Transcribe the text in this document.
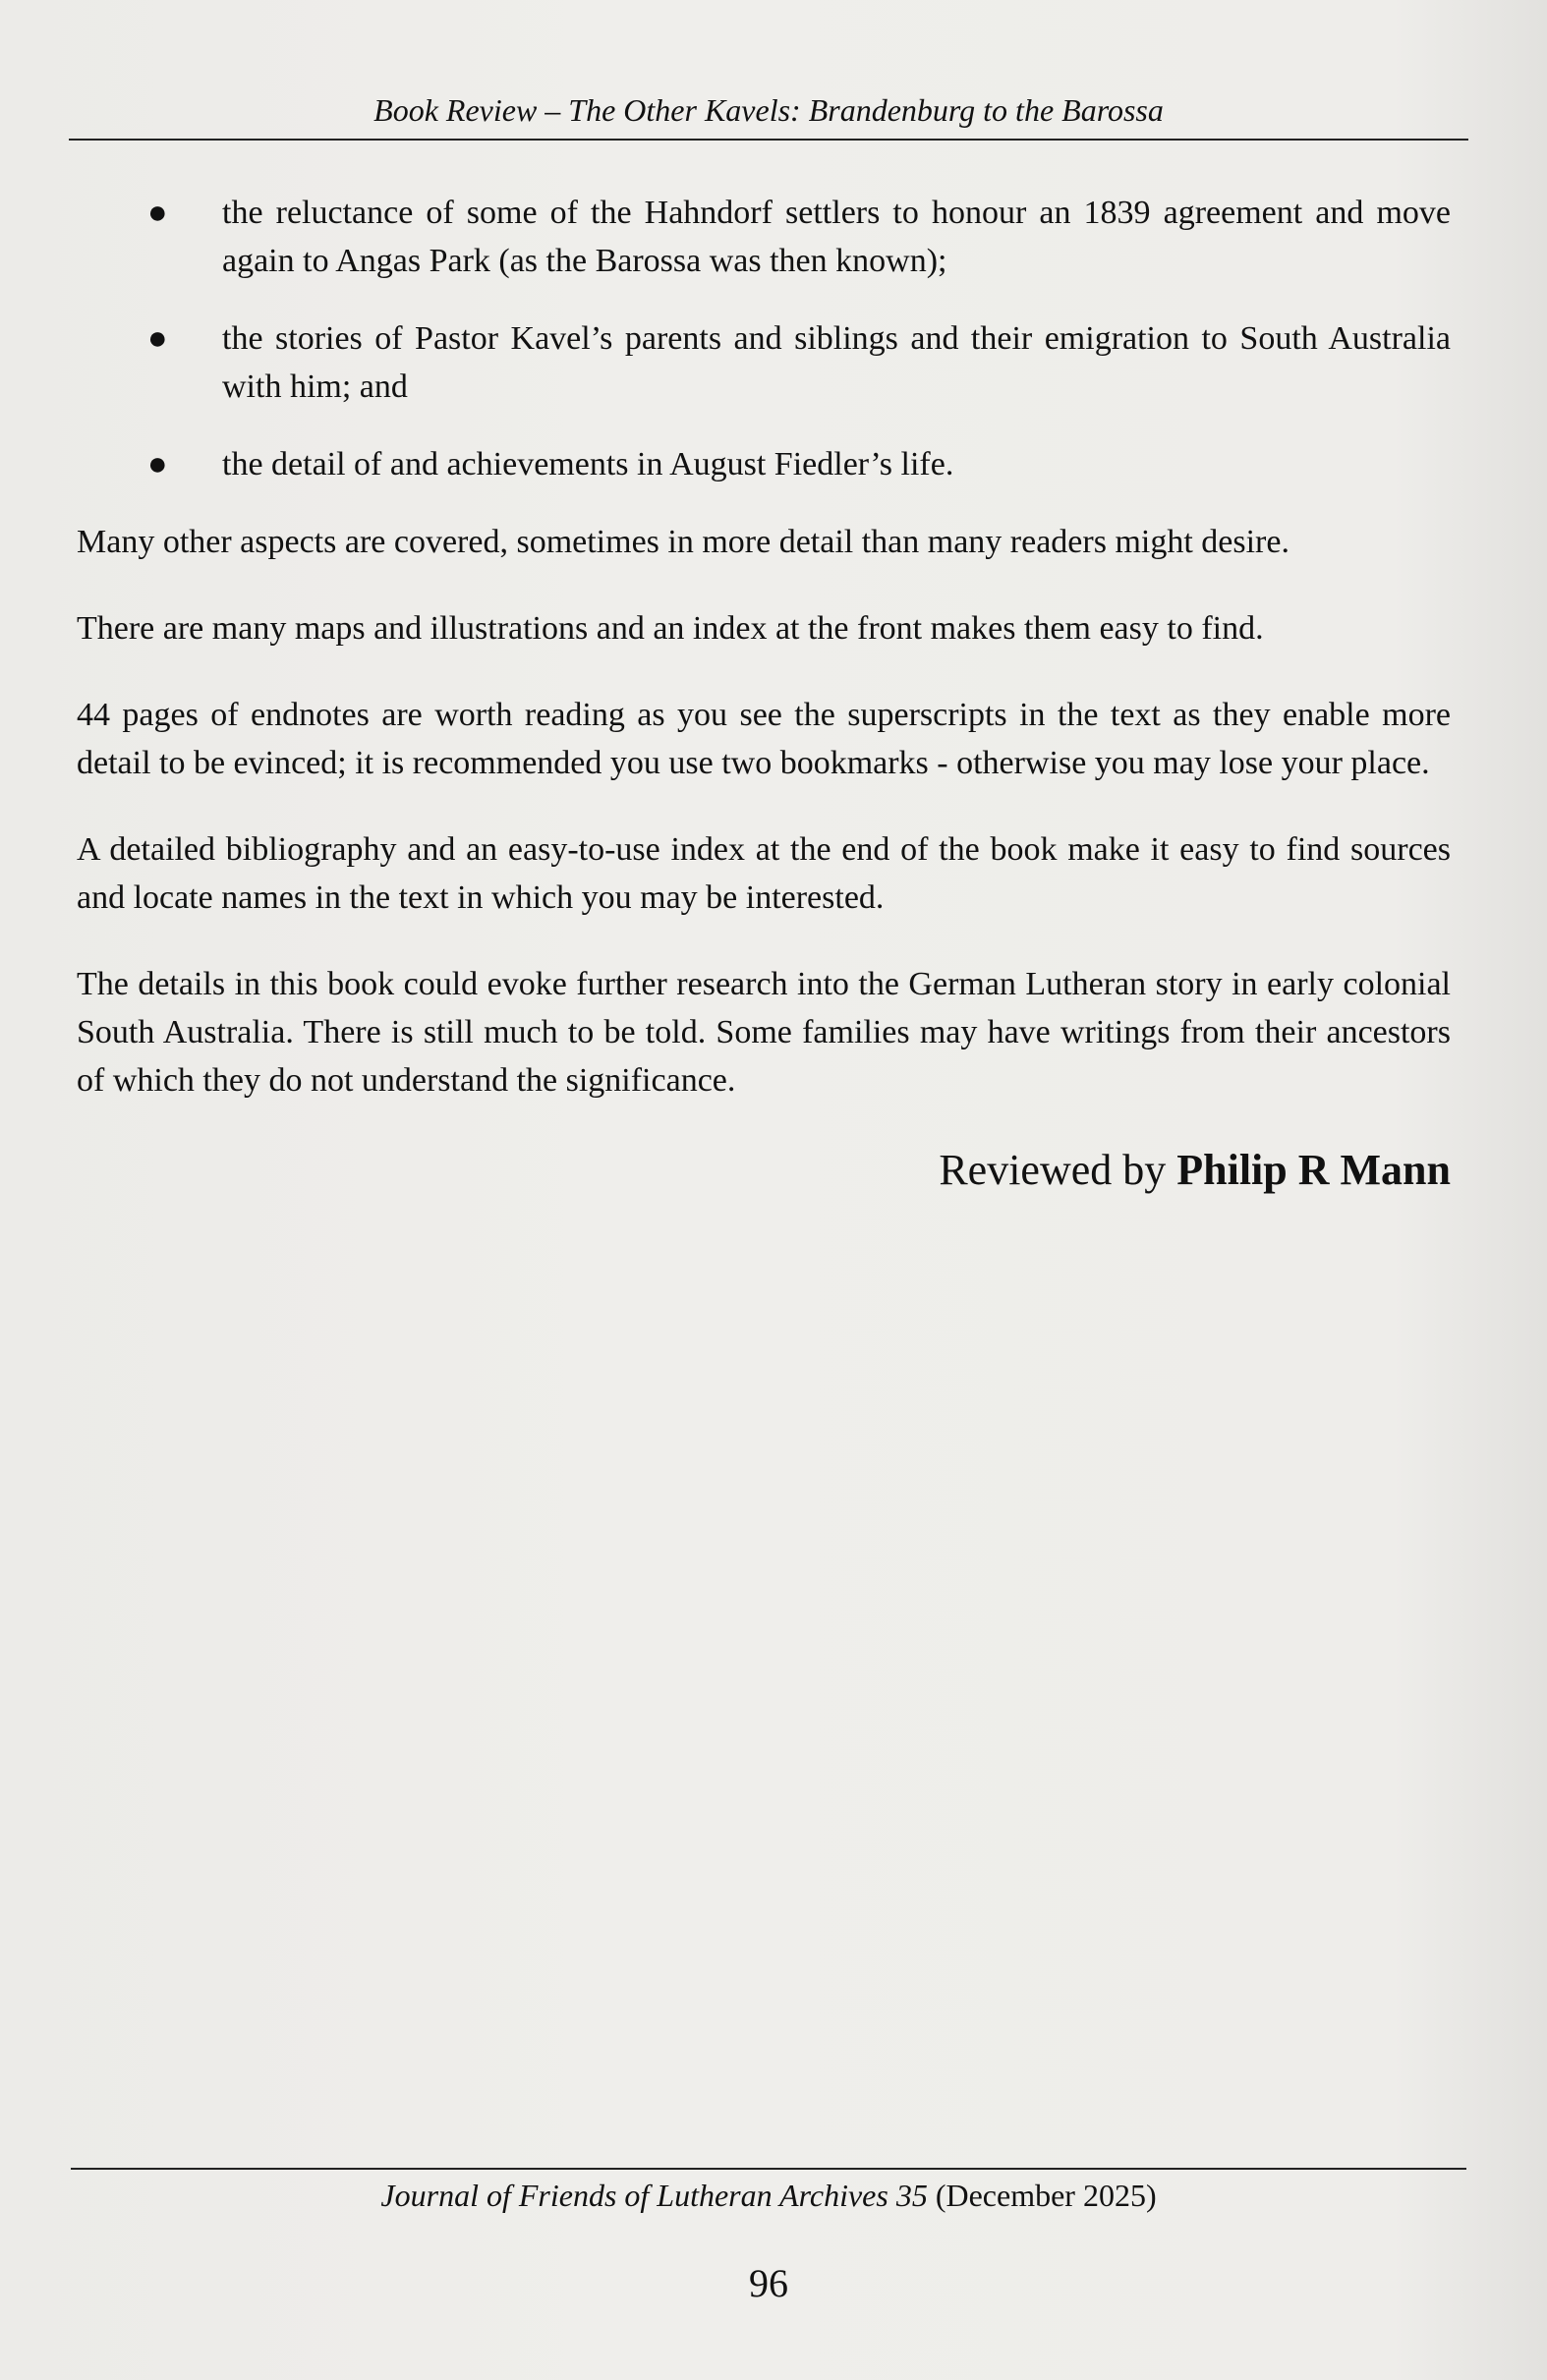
Book Review – The Other Kavels: Brandenburg to the Barossa
● the reluctance of some of the Hahndorf settlers to honour an 1839 agreement and move again to Angas Park (as the Barossa was then known);
● the stories of Pastor Kavel’s parents and siblings and their emigration to South Australia with him; and
● the detail of and achievements in August Fiedler’s life.

Many other aspects are covered, sometimes in more detail than many readers might desire.

There are many maps and illustrations and an index at the front makes them easy to find.

44 pages of endnotes are worth reading as you see the superscripts in the text as they enable more detail to be evinced; it is recommended you use two bookmarks - otherwise you may lose your place.

A detailed bibliography and an easy-to-use index at the end of the book make it easy to find sources and locate names in the text in which you may be interested.

The details in this book could evoke further research into the German Lutheran story in early colonial South Australia. There is still much to be told. Some families may have writings from their ancestors of which they do not understand the significance.

Reviewed by Philip R Mann
Journal of Friends of Lutheran Archives 35 (December 2025)
96
